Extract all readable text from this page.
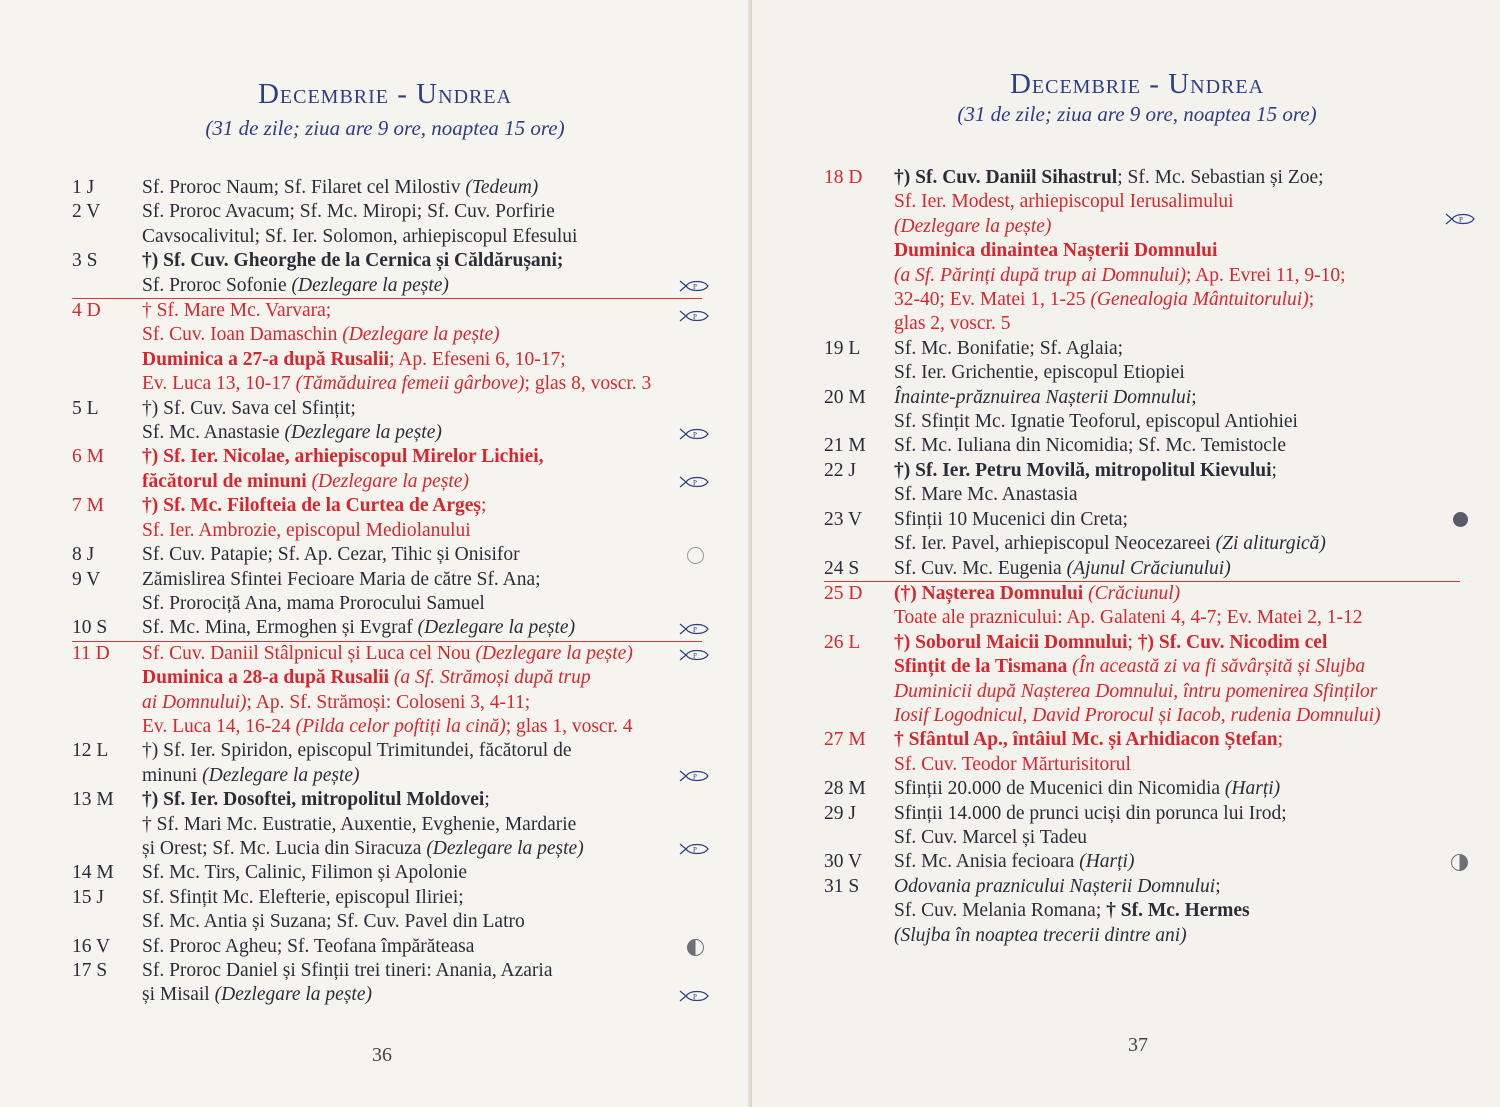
Decembrie - Undrea
(31 de zile; ziua are 9 ore, noaptea 15 ore)
1 J	Sf. Proroc Naum; Sf. Filaret cel Milostiv (Tedeum)
2 V	Sf. Proroc Avacum; Sf. Mc. Miropi; Sf. Cuv. Porfirie
Cavsocalivitul; Sf. Ier. Solomon, arhiepiscopul Efesului
3 S	†) Sf. Cuv. Gheorghe de la Cernica și Căldărușani;
Sf. Proroc Sofonie (Dezlegare la pește)	P
4 D	† Sf. Mare Mc. Varvara;
Sf. Cuv. Ioan Damaschin (Dezlegare la pește)
Duminica a 27-a după Rusalii; Ap. Efeseni 6, 10-17;
Ev. Luca 13, 10-17 (Tămăduirea femeii gârbove); glas 8, voscr. 3
P
5 L	†) Sf. Cuv. Sava cel Sfințit;
Sf. Mc. Anastasie (Dezlegare la pește)	P
6 M	†) Sf. Ier. Nicolae, arhiepiscopul Mirelor Lichiei,
făcătorul de minuni (Dezlegare la pește)	P
7 M	†) Sf. Mc. Filofteia de la Curtea de Argeș;
Sf. Ier. Ambrozie, episcopul Mediolanului
8 J	Sf. Cuv. Patapie; Sf. Ap. Cezar, Tihic și Onisifor
9 V	Zămislirea Sfintei Fecioare Maria de către Sf. Ana;
Sf. Prorociță Ana, mama Prorocului Samuel
10 S	Sf. Mc. Mina, Ermoghen și Evgraf (Dezlegare la pește)	P
11 D	Sf. Cuv. Daniil Stâlpnicul și Luca cel Nou (Dezlegare la pește)
Duminica a 28-a după Rusalii (a Sf. Strămoși după trup
ai Domnului); Ap. Sf. Strămoși: Coloseni 3, 4-11;
Ev. Luca 14, 16-24 (Pilda celor poftiți la cină); glas 1, voscr. 4
P
12 L	†) Sf. Ier. Spiridon, episcopul Trimitundei, făcătorul de
minuni (Dezlegare la pește)	P
13 M	†) Sf. Ier. Dosoftei, mitropolitul Moldovei;
† Sf. Mari Mc. Eustratie, Auxentie, Evghenie, Mardarie
și Orest; Sf. Mc. Lucia din Siracuza (Dezlegare la pește)	P
14 M	Sf. Mc. Tirs, Calinic, Filimon și Apolonie
15 J	Sf. Sfințit Mc. Elefterie, episcopul Iliriei;
Sf. Mc. Antia și Suzana; Sf. Cuv. Pavel din Latro
16 V	Sf. Proroc Agheu; Sf. Teofana împărăteasa
17 S	Sf. Proroc Daniel și Sfinții trei tineri: Anania, Azaria
și Misail (Dezlegare la pește)	P
36
Decembrie - Undrea
(31 de zile; ziua are 9 ore, noaptea 15 ore)
18 D	†) Sf. Cuv. Daniil Sihastrul; Sf. Mc. Sebastian și Zoe;
Sf. Ier. Modest, arhiepiscopul Ierusalimului
(Dezlegare la pește)
Duminica dinaintea Nașterii Domnului
(a Sf. Părinți după trup ai Domnului); Ap. Evrei 11, 9-10;
32-40; Ev. Matei 1, 1-25 (Genealogia Mântuitorului);
glas 2, voscr. 5
P
19 L	Sf. Mc. Bonifatie; Sf. Aglaia;
Sf. Ier. Grichentie, episcopul Etiopiei
20 M	Înainte-prăznuirea Nașterii Domnului;
Sf. Sfințit Mc. Ignatie Teoforul, episcopul Antiohiei
21 M	Sf. Mc. Iuliana din Nicomidia; Sf. Mc. Temistocle
22 J	†) Sf. Ier. Petru Movilă, mitropolitul Kievului;
Sf. Mare Mc. Anastasia
23 V	Sfinții 10 Mucenici din Creta;
Sf. Ier. Pavel, arhiepiscopul Neocezareei (Zi aliturgică)
24 S	Sf. Cuv. Mc. Eugenia (Ajunul Crăciunului)
25 D	(†) Nașterea Domnului (Crăciunul)
Toate ale praznicului: Ap. Galateni 4, 4-7; Ev. Matei 2, 1-12
26 L	†) Soborul Maicii Domnului; †) Sf. Cuv. Nicodim cel
Sfințit de la Tismana (În această zi va fi săvârșită și Slujba
Duminicii după Nașterea Domnului, întru pomenirea Sfinților
Iosif Logodnicul, David Prorocul și Iacob, rudenia Domnului)
27 M	† Sfântul Ap., întâiul Mc. și Arhidiacon Ștefan;
Sf. Cuv. Teodor Mărturisitorul
28 M	Sfinții 20.000 de Mucenici din Nicomidia (Harți)
29 J	Sfinții 14.000 de prunci uciși din porunca lui Irod;
Sf. Cuv. Marcel și Tadeu
30 V	Sf. Mc. Anisia fecioara (Harți)
31 S	Odovania praznicului Nașterii Domnului;
Sf. Cuv. Melania Romana; † Sf. Mc. Hermes
(Slujba în noaptea trecerii dintre ani)
37
